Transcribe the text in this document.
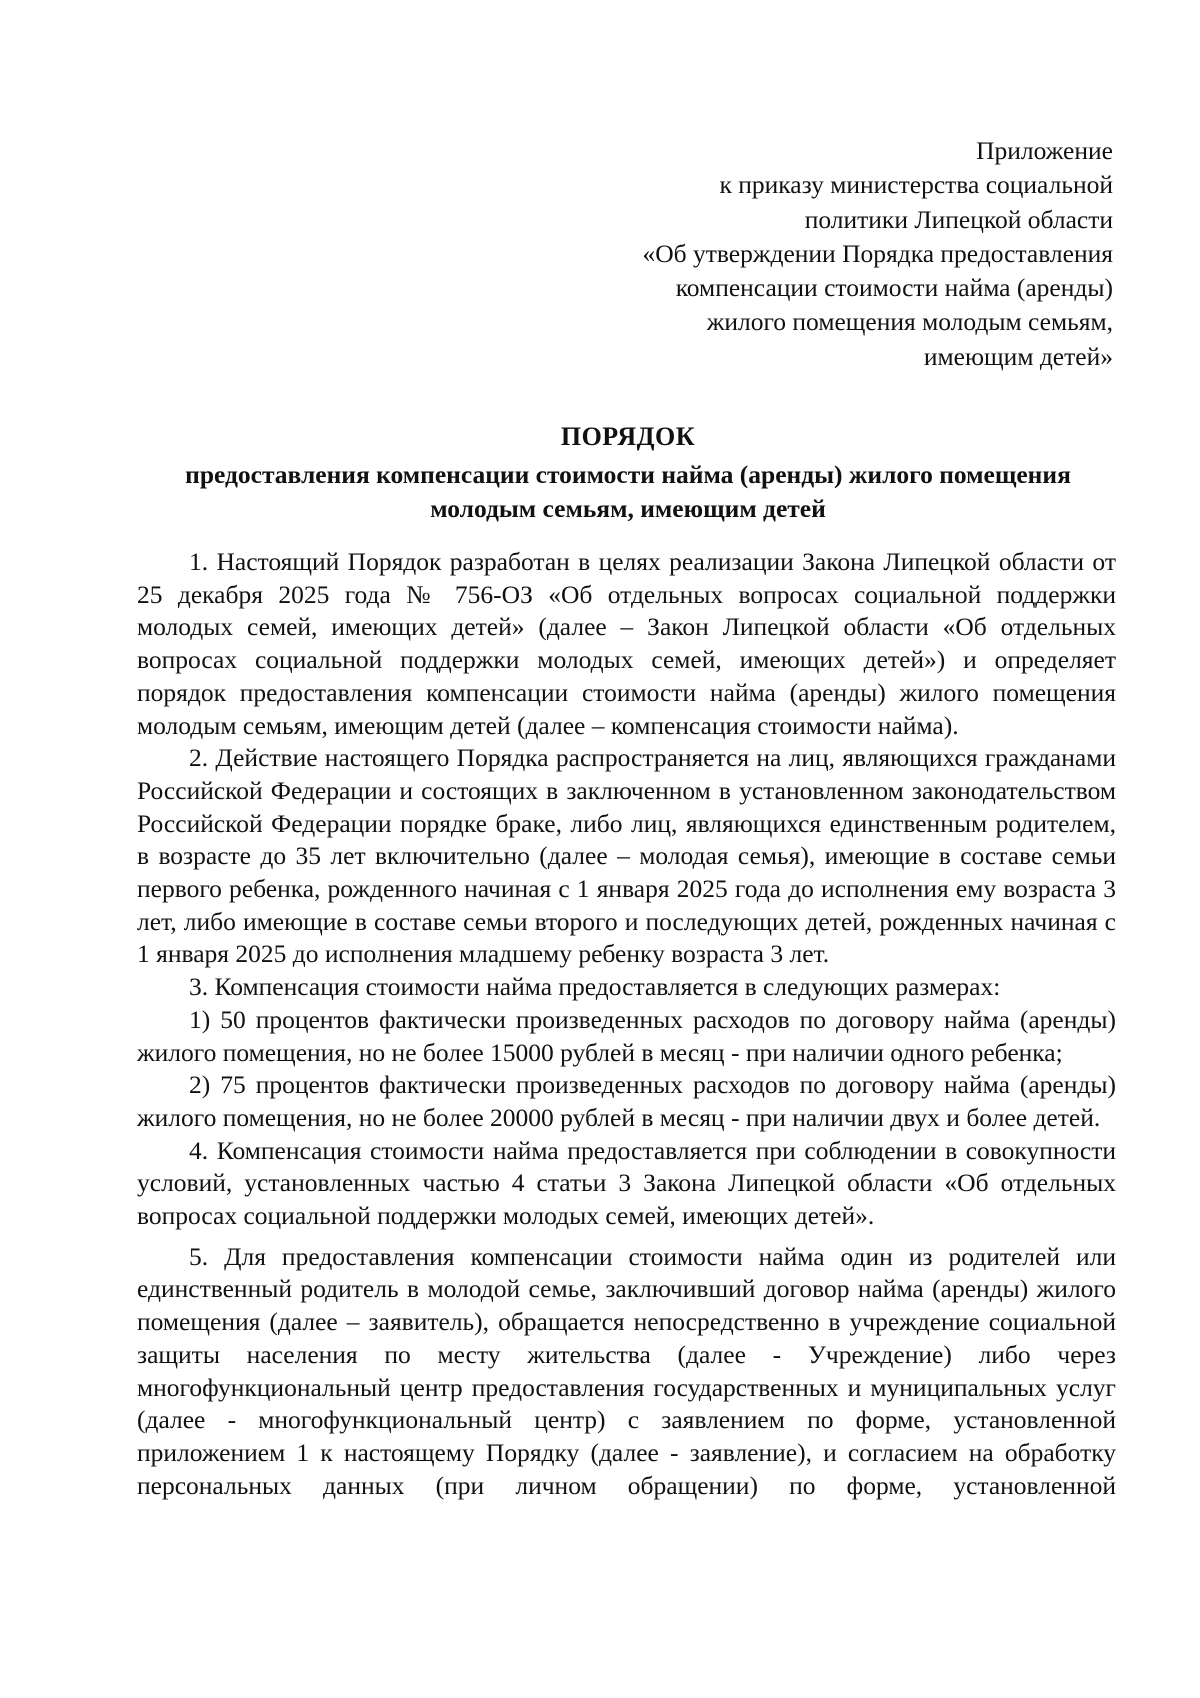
Приложение
к приказу министерства социальной
политики Липецкой области
«Об утверждении Порядка предоставления
компенсации стоимости найма (аренды)
жилого помещения молодым семьям,
имеющим детей»
ПОРЯДОК
предоставления компенсации стоимости найма (аренды) жилого помещения
молодым семьям, имеющим детей

1. Настоящий Порядок разработан в целях реализации Закона Липецкой области от 25 декабря 2025 года № 756-ОЗ «Об отдельных вопросах социальной поддержки молодых семей, имеющих детей» (далее – Закон Липецкой области «Об отдельных вопросах социальной поддержки молодых семей, имеющих детей») и определяет порядок предоставления компенсации стоимости найма (аренды) жилого помещения молодым семьям, имеющим детей (далее – компенсация стоимости найма).

2. Действие настоящего Порядка распространяется на лиц, являющихся гражданами Российской Федерации и состоящих в заключенном в установленном законодательством Российской Федерации порядке браке, либо лиц, являющихся единственным родителем, в возрасте до 35 лет включительно (далее – молодая семья), имеющие в составе семьи первого ребенка, рожденного начиная с 1 января 2025 года до исполнения ему возраста 3 лет, либо имеющие в составе семьи второго и последующих детей, рожденных начиная с 1 января 2025 до исполнения младшему ребенку возраста 3 лет.

3. Компенсация стоимости найма предоставляется в следующих размерах:

1) 50 процентов фактически произведенных расходов по договору найма (аренды) жилого помещения, но не более 15000 рублей в месяц - при наличии одного ребенка;

2) 75 процентов фактически произведенных расходов по договору найма (аренды) жилого помещения, но не более 20000 рублей в месяц - при наличии двух и более детей.

4. Компенсация стоимости найма предоставляется при соблюдении в совокупности условий, установленных частью 4 статьи 3 Закона Липецкой области «Об отдельных вопросах социальной поддержки молодых семей, имеющих детей».

5. Для предоставления компенсации стоимости найма один из родителей или единственный родитель в молодой семье, заключивший договор найма (аренды) жилого помещения (далее – заявитель), обращается непосредственно в учреждение социальной защиты населения по месту жительства (далее - Учреждение) либо через многофункциональный центр предоставления государственных и муниципальных услуг (далее - многофункциональный центр) с заявлением по форме, установленной приложением 1 к настоящему Порядку (далее - заявление), и согласием на обработку персональных данных (при личном обращении) по форме, установленной
